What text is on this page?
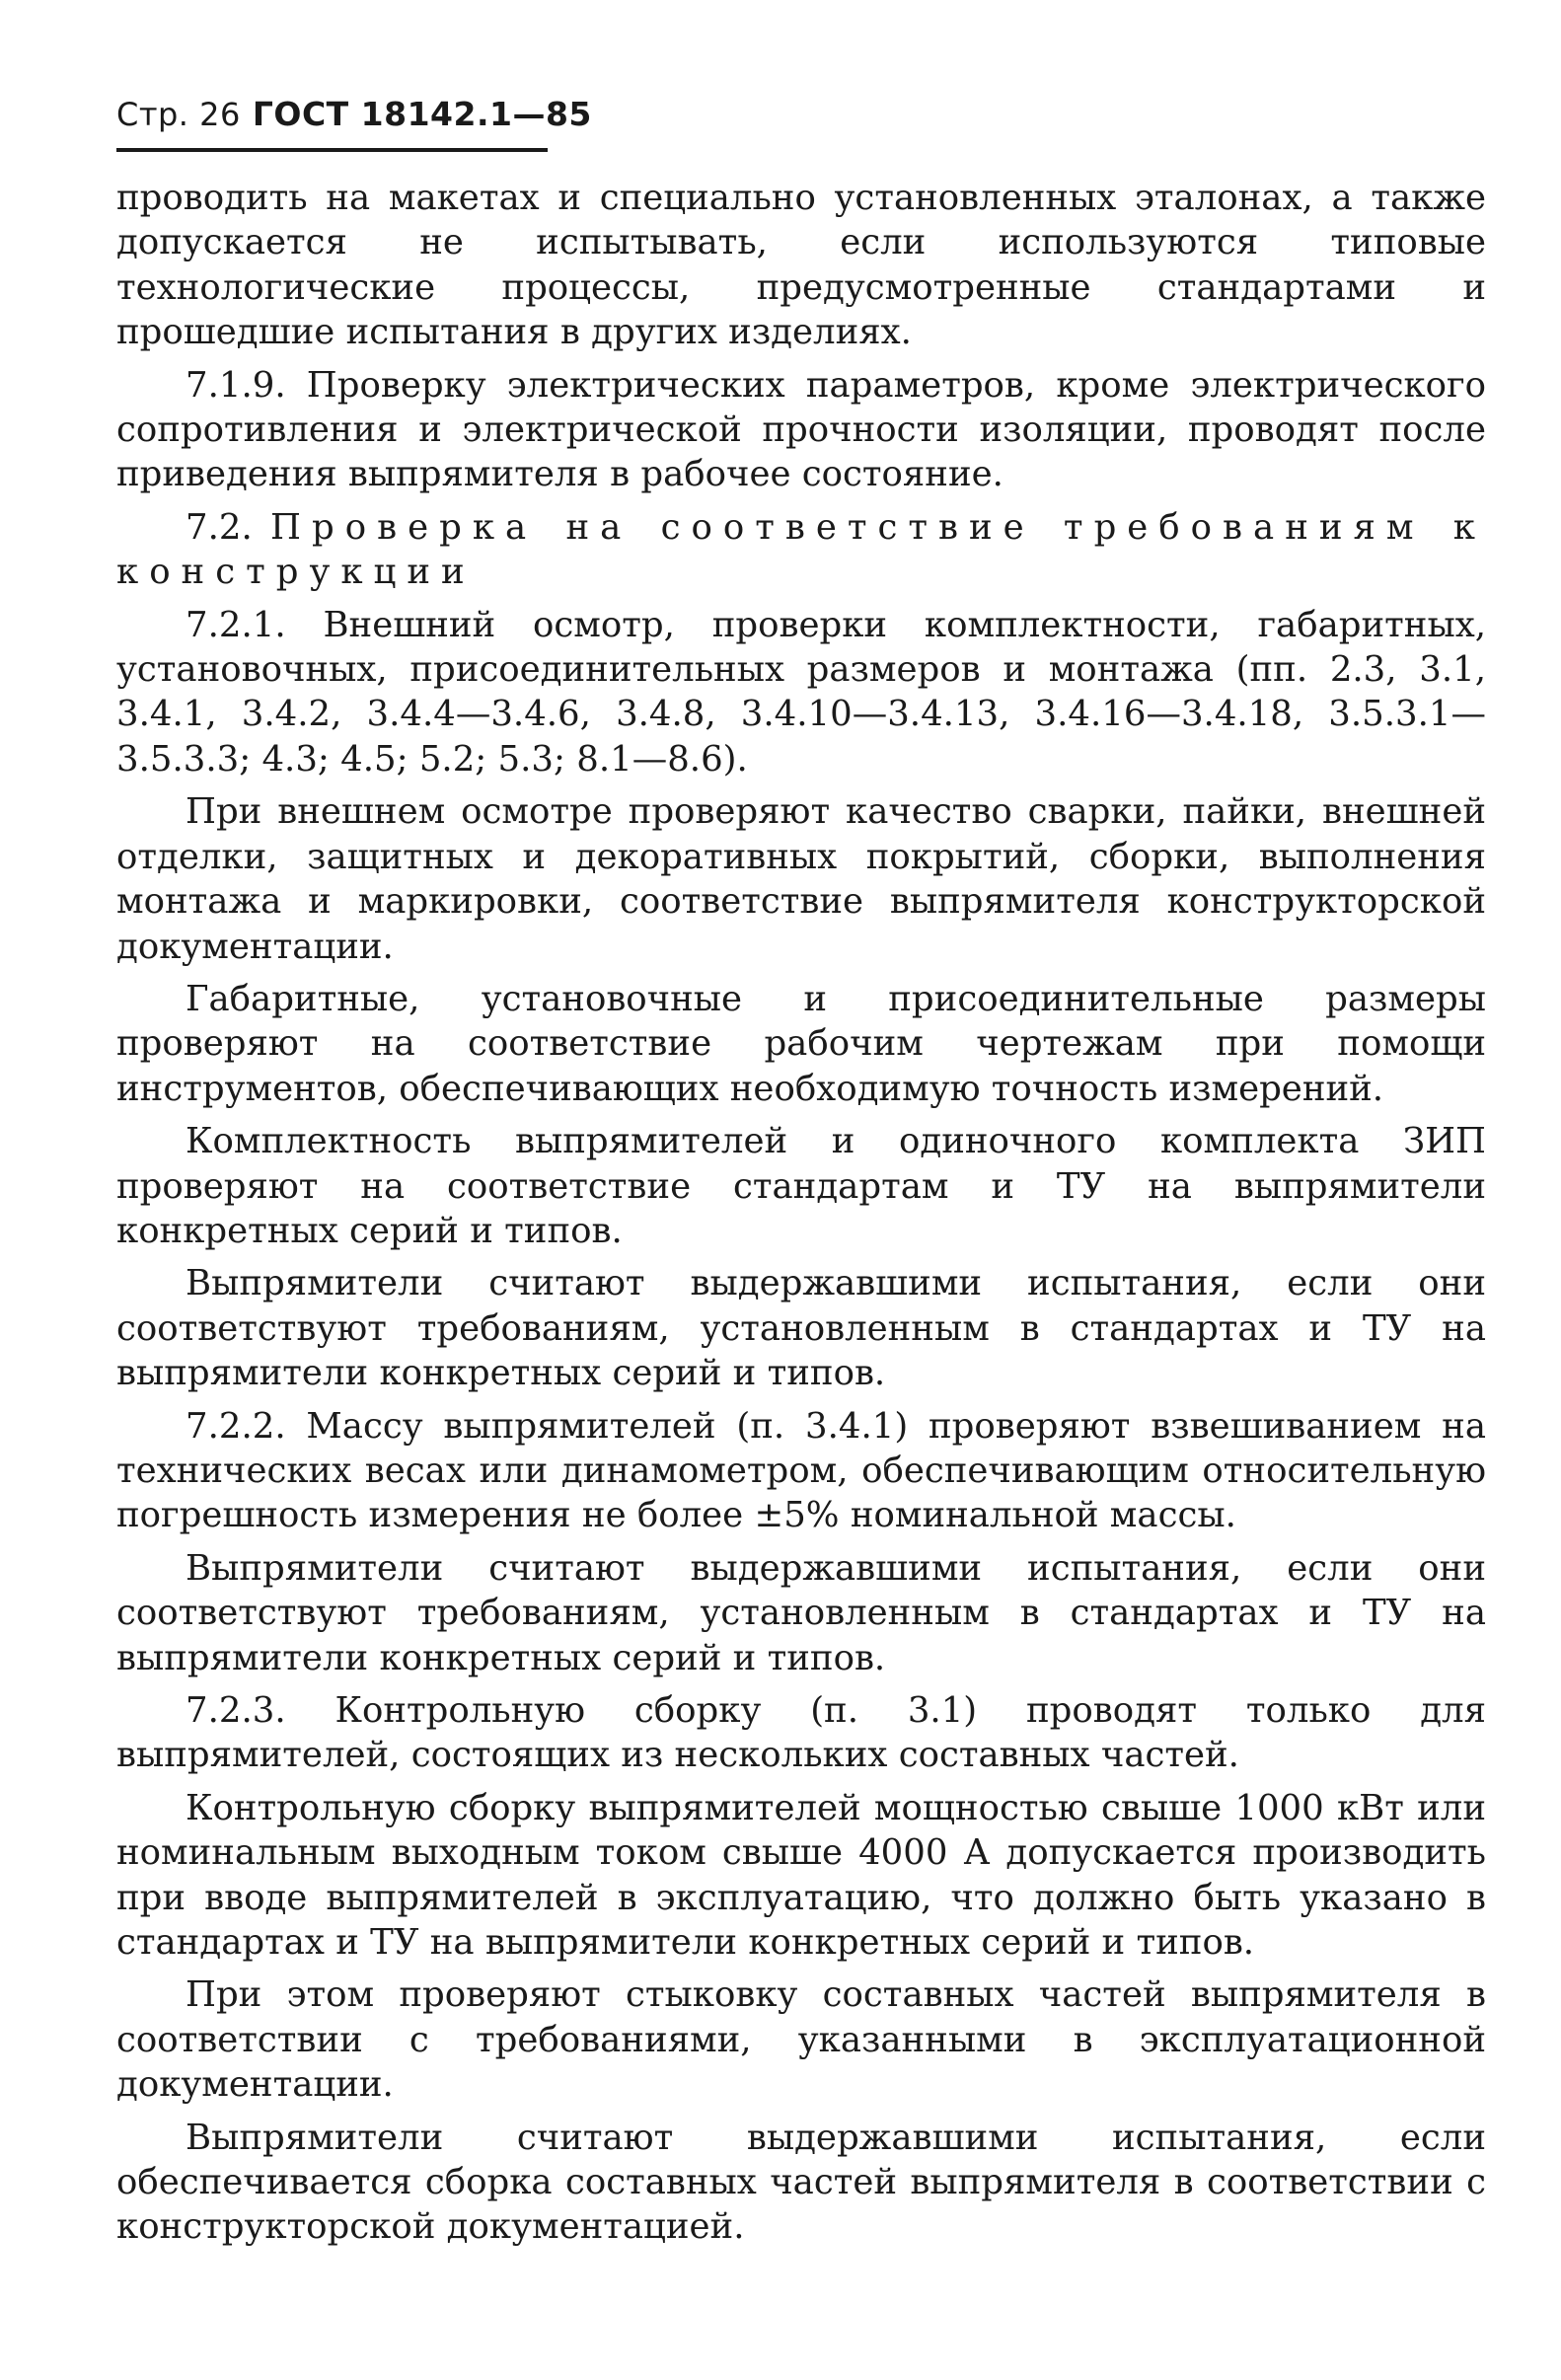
Стр. 26 ГОСТ 18142.1—85

проводить на макетах и специально установленных эталонах, а также допускается не испытывать, если используются типовые технологические процессы, предусмотренные стандартами и прошедшие испытания в других изделиях.

7.1.9. Проверку электрических параметров, кроме электрического сопротивления и электрической прочности изоляции, проводят после приведения выпрямителя в рабочее состояние.

7.2. Проверка на соответствие требованиям к конструкции

7.2.1. Внешний осмотр, проверки комплектности, габаритных, установочных, присоединительных размеров и монтажа (пп. 2.3, 3.1, 3.4.1, 3.4.2, 3.4.4—3.4.6, 3.4.8, 3.4.10—3.4.13, 3.4.16—3.4.18, 3.5.3.1—3.5.3.3; 4.3; 4.5; 5.2; 5.3; 8.1—8.6).

При внешнем осмотре проверяют качество сварки, пайки, внешней отделки, защитных и декоративных покрытий, сборки, выполнения монтажа и маркировки, соответствие выпрямителя конструкторской документации.

Габаритные, установочные и присоединительные размеры проверяют на соответствие рабочим чертежам при помощи инструментов, обеспечивающих необходимую точность измерений.

Комплектность выпрямителей и одиночного комплекта ЗИП проверяют на соответствие стандартам и ТУ на выпрямители конкретных серий и типов.

Выпрямители считают выдержавшими испытания, если они соответствуют требованиям, установленным в стандартах и ТУ на выпрямители конкретных серий и типов.

7.2.2. Массу выпрямителей (п. 3.4.1) проверяют взвешиванием на технических весах или динамометром, обеспечивающим относительную погрешность измерения не более ±5% номинальной массы.

Выпрямители считают выдержавшими испытания, если они соответствуют требованиям, установленным в стандартах и ТУ на выпрямители конкретных серий и типов.

7.2.3. Контрольную сборку (п. 3.1) проводят только для выпрямителей, состоящих из нескольких составных частей.

Контрольную сборку выпрямителей мощностью свыше 1000 кВт или номинальным выходным током свыше 4000 А допускается производить при вводе выпрямителей в эксплуатацию, что должно быть указано в стандартах и ТУ на выпрямители конкретных серий и типов.

При этом проверяют стыковку составных частей выпрямителя в соответствии с требованиями, указанными в эксплуатационной документации.

Выпрямители считают выдержавшими испытания, если обеспечивается сборка составных частей выпрямителя в соответствии с конструкторской документацией.
